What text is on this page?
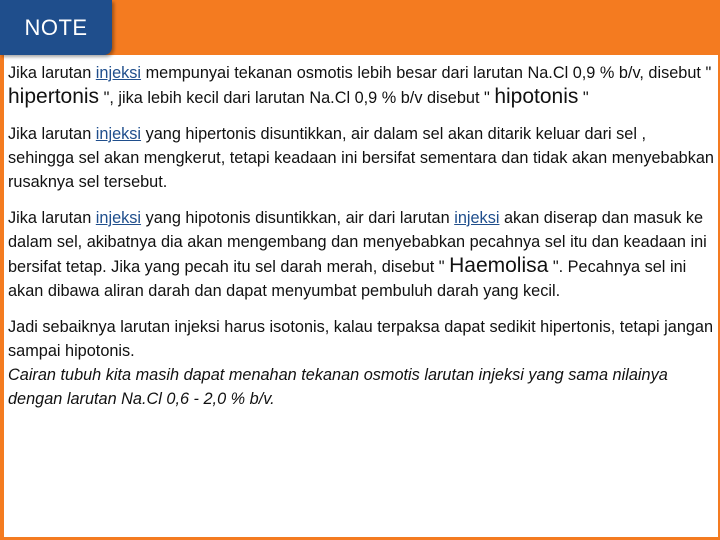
NOTE

Jika larutan injeksi mempunyai tekanan osmotis lebih besar dari larutan Na.Cl 0,9 % b/v, disebut " hipertonis ", jika lebih kecil dari larutan Na.Cl 0,9 % b/v disebut " hipotonis "

Jika larutan injeksi yang hipertonis disuntikkan, air dalam sel akan ditarik keluar dari sel , sehingga sel akan mengkerut, tetapi keadaan ini bersifat sementara dan tidak akan menyebabkan rusaknya sel tersebut.

Jika larutan injeksi yang hipotonis disuntikkan, air dari larutan injeksi akan diserap dan masuk ke dalam sel, akibatnya dia akan mengembang dan menyebabkan pecahnya sel itu dan keadaan ini bersifat tetap. Jika yang pecah itu sel darah merah, disebut " Haemolisa ". Pecahnya sel ini akan dibawa aliran darah dan dapat menyumbat pembuluh darah yang kecil.

Jadi sebaiknya larutan injeksi harus isotonis, kalau terpaksa dapat sedikit hipertonis, tetapi jangan sampai hipotonis.
Cairan tubuh kita masih dapat menahan tekanan osmotis larutan injeksi yang sama nilainya dengan larutan Na.Cl 0,6 - 2,0 % b/v.
